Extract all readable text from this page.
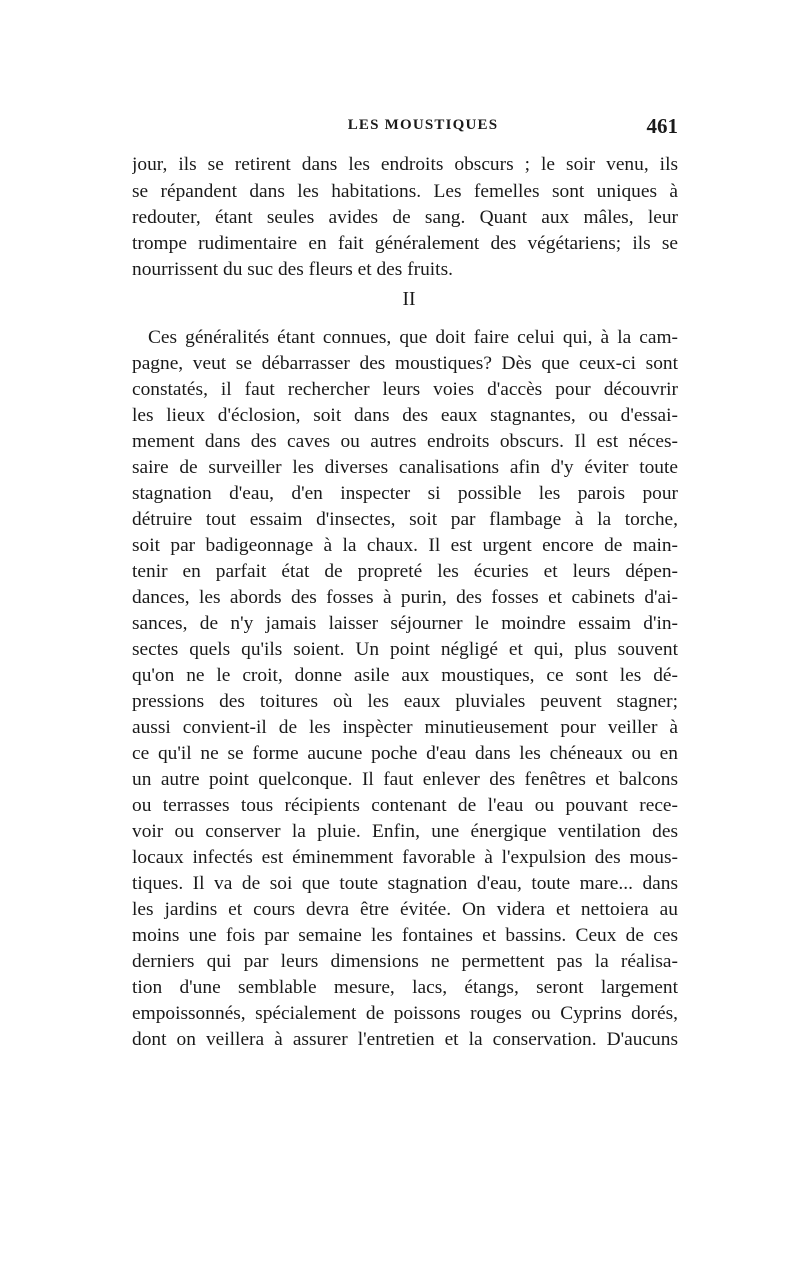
LES MOUSTIQUES	461
jour, ils se retirent dans les endroits obscurs ; le soir venu, ils
se répandent dans les habitations. Les femelles sont uniques à
redouter, étant seules avides de sang. Quant aux mâles, leur
trompe rudimentaire en fait généralement des végétariens; ils se
nourrissent du suc des fleurs et des fruits.
II
Ces généralités étant connues, que doit faire celui qui, à la cam-
pagne, veut se débarrasser des moustiques? Dès que ceux-ci sont
constatés, il faut rechercher leurs voies d'accès pour découvrir
les lieux d'éclosion, soit dans des eaux stagnantes, ou d'essai-
mement dans des caves ou autres endroits obscurs. Il est néces-
saire de surveiller les diverses canalisations afin d'y éviter toute
stagnation d'eau, d'en inspecter si possible les parois pour
détruire tout essaim d'insectes, soit par flambage à la torche,
soit par badigeonnage à la chaux. Il est urgent encore de main-
tenir en parfait état de propreté les écuries et leurs dépen-
dances, les abords des fosses à purin, des fosses et cabinets d'ai-
sances, de n'y jamais laisser séjourner le moindre essaim d'in-
sectes quels qu'ils soient. Un point négligé et qui, plus souvent
qu'on ne le croit, donne asile aux moustiques, ce sont les dé-
pressions des toitures où les eaux pluviales peuvent stagner;
aussi convient-il de les inspècter minutieusement pour veiller à
ce qu'il ne se forme aucune poche d'eau dans les chéneaux ou en
un autre point quelconque. Il faut enlever des fenêtres et balcons
ou terrasses tous récipients contenant de l'eau ou pouvant rece-
voir ou conserver la pluie. Enfin, une énergique ventilation des
locaux infectés est éminemment favorable à l'expulsion des mous-
tiques. Il va de soi que toute stagnation d'eau, toute mare... dans
les jardins et cours devra être évitée. On videra et nettoiera au
moins une fois par semaine les fontaines et bassins. Ceux de ces
derniers qui par leurs dimensions ne permettent pas la réalisa-
tion d'une semblable mesure, lacs, étangs, seront largement
empoissonnés, spécialement de poissons rouges ou Cyprins dorés,
dont on veillera à assurer l'entretien et la conservation. D'aucuns
